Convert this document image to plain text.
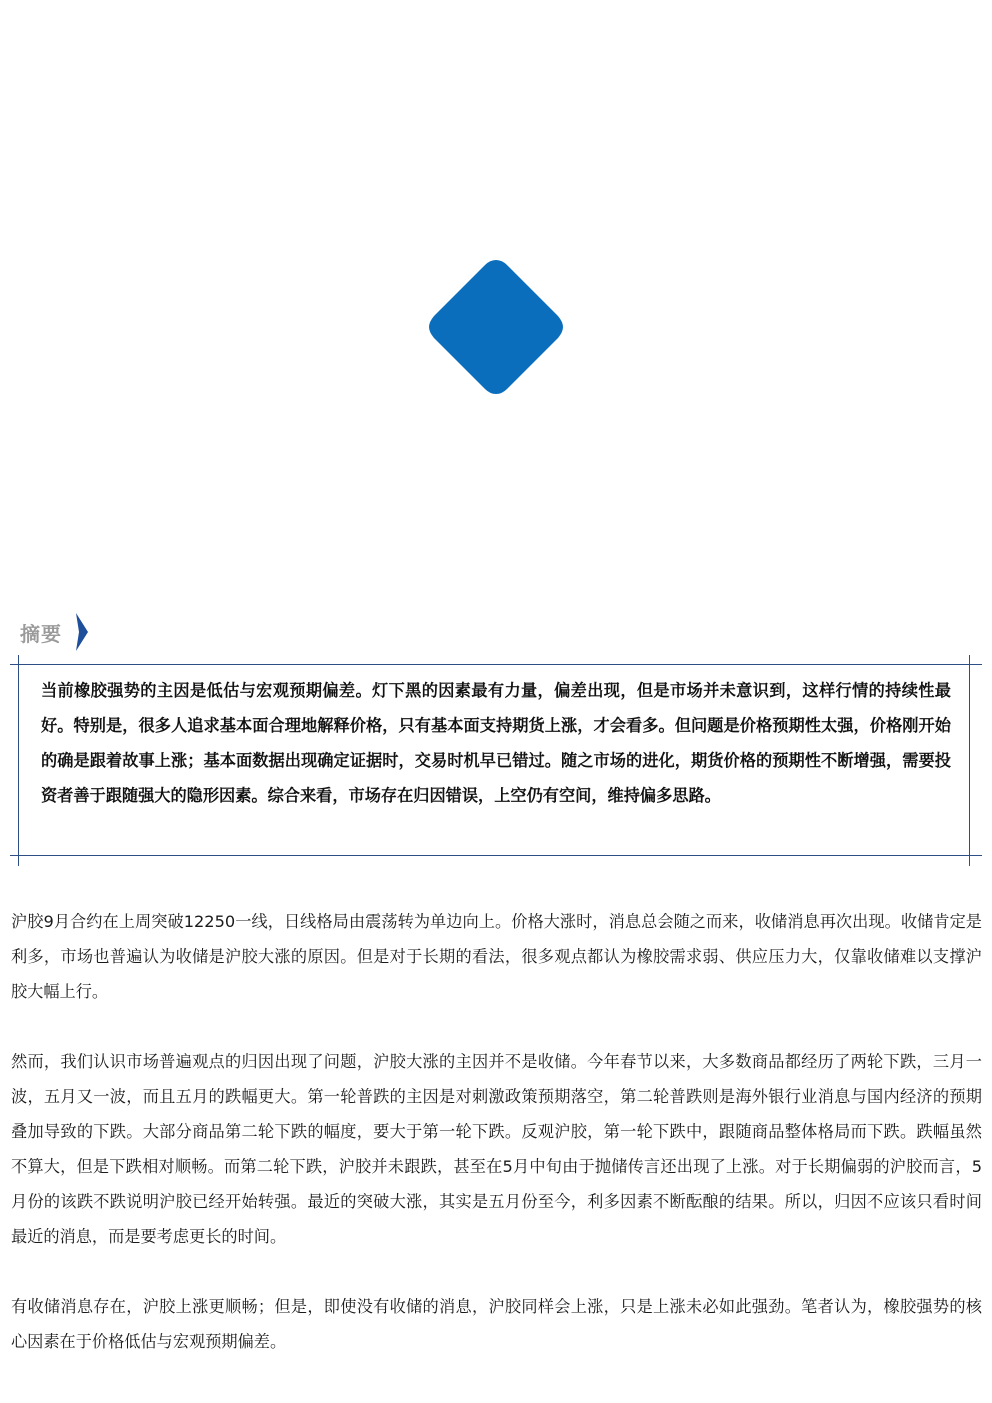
摘要

当前橡胶强势的主因是低估与宏观预期偏差。灯下黑的因素最有力量，偏差出现，但是市场并未意识到，这样行情的持续性最好。特别是，很多人追求基本面合理地解释价格，只有基本面支持期货上涨，才会看多。但问题是价格预期性太强，价格刚开始的确是跟着故事上涨；基本面数据出现确定证据时，交易时机早已错过。随之市场的进化，期货价格的预期性不断增强，需要投资者善于跟随强大的隐形因素。综合来看，市场存在归因错误，上空仍有空间，维持偏多思路。

沪胶9月合约在上周突破12250一线，日线格局由震荡转为单边向上。价格大涨时，消息总会随之而来，收储消息再次出现。收储肯定是利多，市场也普遍认为收储是沪胶大涨的原因。但是对于长期的看法，很多观点都认为橡胶需求弱、供应压力大，仅靠收储难以支撑沪胶大幅上行。

然而，我们认识市场普遍观点的归因出现了问题，沪胶大涨的主因并不是收储。今年春节以来，大多数商品都经历了两轮下跌，三月一波，五月又一波，而且五月的跌幅更大。第一轮普跌的主因是对刺激政策预期落空，第二轮普跌则是海外银行业消息与国内经济的预期叠加导致的下跌。大部分商品第二轮下跌的幅度，要大于第一轮下跌。反观沪胶，第一轮下跌中，跟随商品整体格局而下跌。跌幅虽然不算大，但是下跌相对顺畅。而第二轮下跌，沪胶并未跟跌，甚至在5月中旬由于抛储传言还出现了上涨。对于长期偏弱的沪胶而言，5月份的该跌不跌说明沪胶已经开始转强。最近的突破大涨，其实是五月份至今，利多因素不断酝酿的结果。所以，归因不应该只看时间最近的消息，而是要考虑更长的时间。

有收储消息存在，沪胶上涨更顺畅；但是，即使没有收储的消息，沪胶同样会上涨，只是上涨未必如此强劲。笔者认为，橡胶强势的核心因素在于价格低估与宏观预期偏差。
